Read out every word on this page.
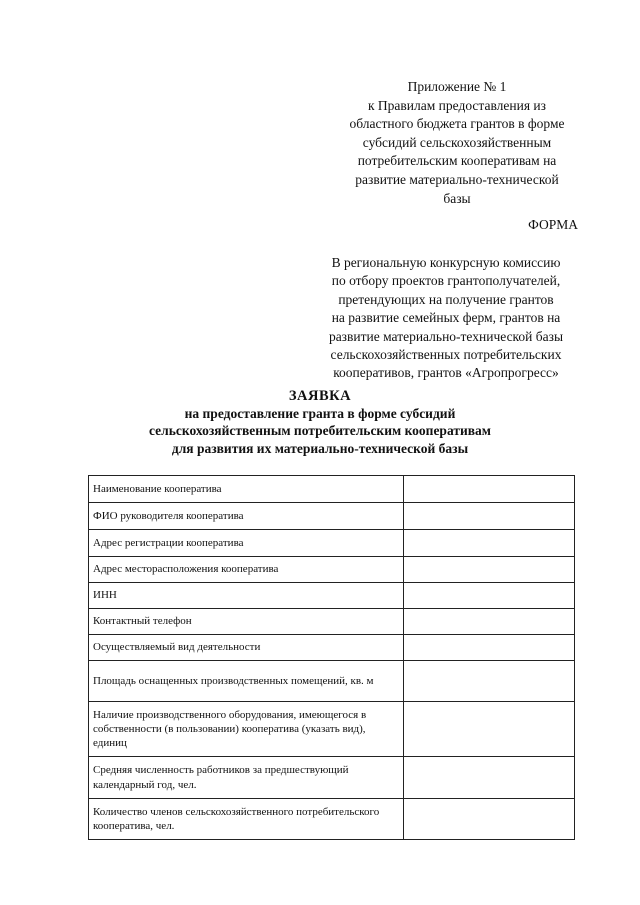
Приложение № 1
к Правилам предоставления из
областного бюджета грантов в форме
субсидий сельскохозяйственным
потребительским кооперативам на
развитие материально-технической
базы
ФОРМА
В региональную конкурсную комиссию
по отбору проектов грантополучателей,
претендующих на получение грантов
на развитие семейных ферм, грантов на
развитие материально-технической базы
сельскохозяйственных потребительских
кооперативов, грантов «Агропрогресс»
ЗАЯВКА
на предоставление гранта в форме субсидий
сельскохозяйственным потребительским кооперативам
для развития их материально-технической базы
Наименование кооператива	
ФИО руководителя кооператива	
Адрес регистрации кооператива	
Адрес месторасположения кооператива	
ИНН	
Контактный телефон	
Осуществляемый вид деятельности	
Площадь оснащенных производственных помещений, кв. м	
Наличие производственного оборудования, имеющегося в собственности (в пользовании) кооператива (указать вид), единиц	
Средняя численность работников за предшествующий календарный год, чел.	
Количество членов сельскохозяйственного потребительского кооператива, чел.	
